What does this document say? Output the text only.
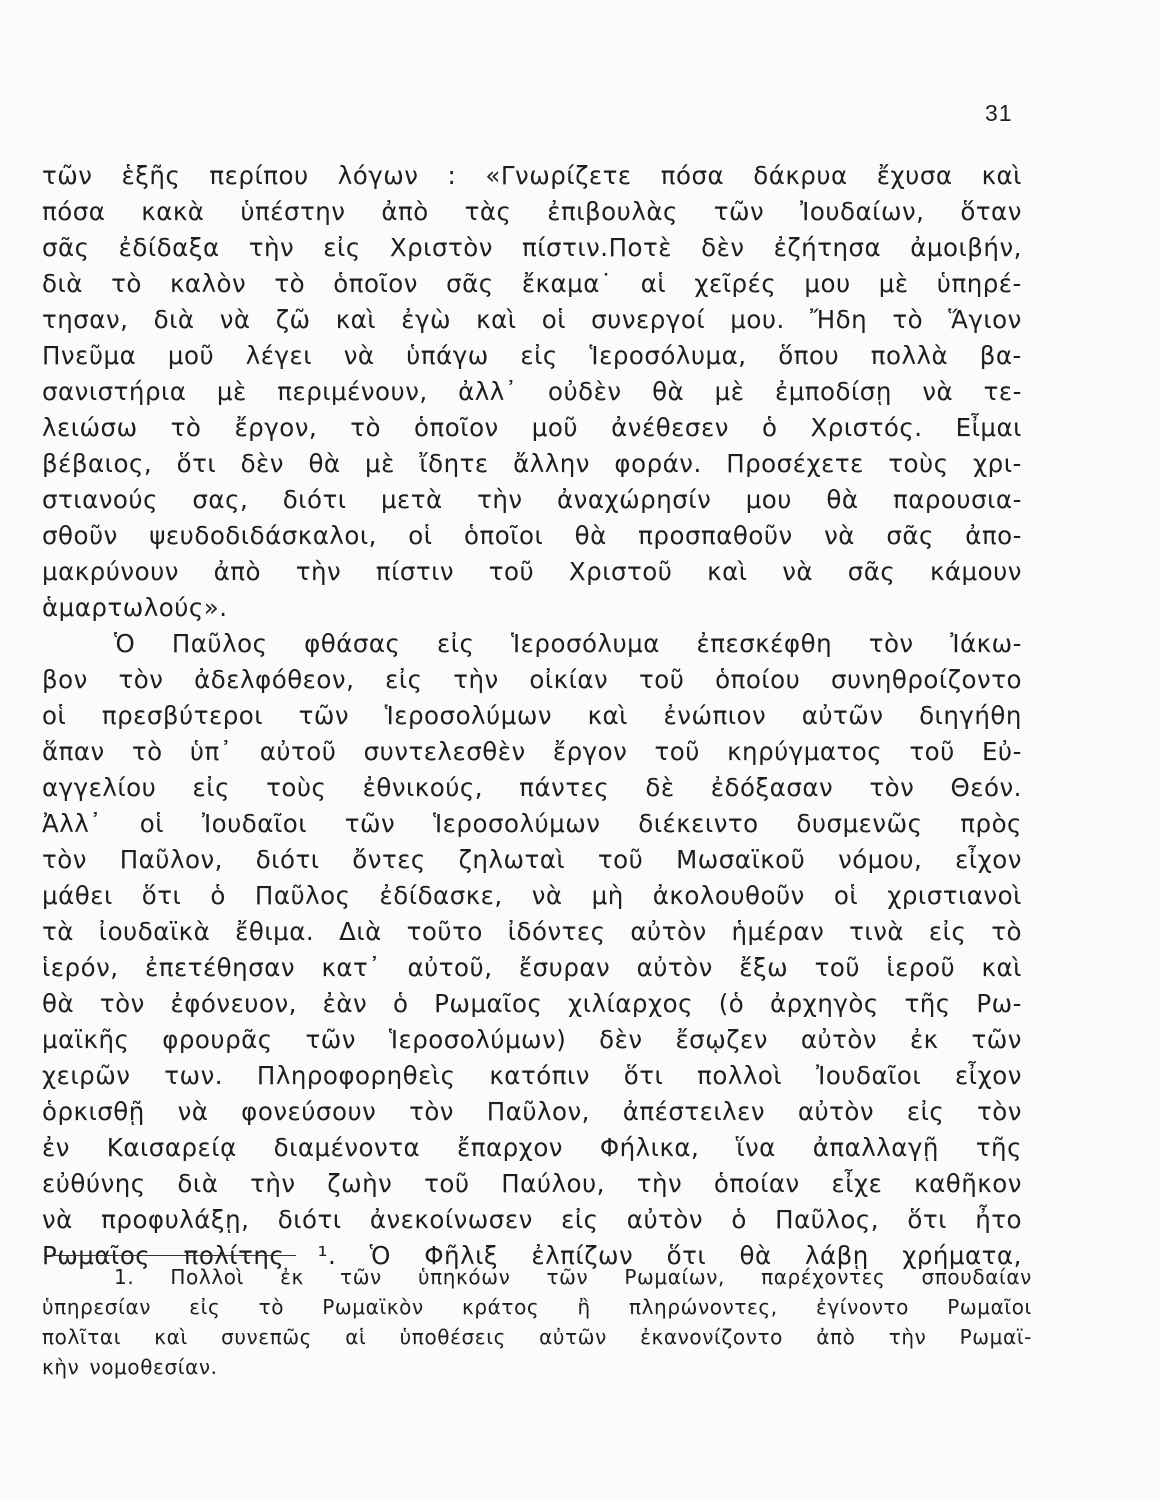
31
τῶν ἑξῆς περίπου λόγων : «Γνωρίζετε πόσα δάκρυα ἔχυσα καὶ
πόσα κακὰ ὑπέστην ἀπὸ τὰς ἐπιβουλὰς τῶν Ἰουδαίων, ὅταν
σᾶς ἐδίδαξα τὴν εἰς Χριστὸν πίστιν.Ποτὲ δὲν ἐζήτησα ἀμοιβήν,
διὰ τὸ καλὸν τὸ ὁποῖον σᾶς ἔκαμα˙ αἱ χεῖρές μου μὲ ὑπηρέ-
τησαν, διὰ νὰ ζῶ καὶ ἐγὼ καὶ οἱ συνεργοί μου. Ἤδη τὸ Ἅγιον
Πνεῦμα μοῦ λέγει νὰ ὑπάγω εἰς Ἱεροσόλυμα, ὅπου πολλὰ βα-
σανιστήρια μὲ περιμένουν, ἀλλ᾽ οὐδὲν θὰ μὲ ἐμποδίσῃ νὰ τε-
λειώσω τὸ ἔργον, τὸ ὁποῖον μοῦ ἀνέθεσεν ὁ Χριστός. Εἶμαι
βέβαιος, ὅτι δὲν θὰ μὲ ἴδητε ἄλλην φοράν. Προσέχετε τοὺς χρι-
στιανούς σας, διότι μετὰ τὴν ἀναχώρησίν μου θὰ παρουσια-
σθοῦν ψευδοδιδάσκαλοι, οἱ ὁποῖοι θὰ προσπαθοῦν νὰ σᾶς ἀπο-
μακρύνουν ἀπὸ τὴν πίστιν τοῦ Χριστοῦ καὶ νὰ σᾶς κάμουν
ἁμαρτωλούς».
Ὁ Παῦλος φθάσας εἰς Ἱεροσόλυμα ἐπεσκέφθη τὸν Ἰάκω-
βον τὸν ἀδελφόθεον, εἰς τὴν οἰκίαν τοῦ ὁποίου συνηθροίζοντο
οἱ πρεσβύτεροι τῶν Ἱεροσολύμων καὶ ἐνώπιον αὐτῶν διηγήθη
ἅπαν τὸ ὑπ᾽ αὐτοῦ συντελεσθὲν ἔργον τοῦ κηρύγματος τοῦ Εὐ-
αγγελίου εἰς τοὺς ἐθνικούς, πάντες δὲ ἐδόξασαν τὸν Θεόν.
Ἀλλ᾽ οἱ Ἰουδαῖοι τῶν Ἱεροσολύμων διέκειντο δυσμενῶς πρὸς
τὸν Παῦλον, διότι ὄντες ζηλωταὶ τοῦ Μωσαϊκοῦ νόμου, εἶχον
μάθει ὅτι ὁ Παῦλος ἐδίδασκε, νὰ μὴ ἀκολουθοῦν οἱ χριστιανοὶ
τὰ ἰουδαϊκὰ ἔθιμα. Διὰ τοῦτο ἰδόντες αὐτὸν ἡμέραν τινὰ εἰς τὸ
ἱερόν, ἐπετέθησαν κατ᾽ αὐτοῦ, ἔσυραν αὐτὸν ἔξω τοῦ ἱεροῦ καὶ
θὰ τὸν ἐφόνευον, ἐὰν ὁ Ρωμαῖος χιλίαρχος (ὁ ἀρχηγὸς τῆς Ρω-
μαϊκῆς φρουρᾶς τῶν Ἱεροσολύμων) δὲν ἔσῳζεν αὐτὸν ἐκ τῶν
χειρῶν των. Πληροφορηθεὶς κατόπιν ὅτι πολλοὶ Ἰουδαῖοι εἶχον
ὁρκισθῇ νὰ φονεύσουν τὸν Παῦλον, ἀπέστειλεν αὐτὸν εἰς τὸν
ἐν Καισαρείᾳ διαμένοντα ἔπαρχον Φήλικα, ἵνα ἀπαλλαγῇ τῆς
εὐθύνης διὰ τὴν ζωὴν τοῦ Παύλου, τὴν ὁποίαν εἶχε καθῆκον
νὰ προφυλάξῃ, διότι ἀνεκοίνωσεν εἰς αὐτὸν ὁ Παῦλος, ὅτι ἦτο
Ρωμαῖος πολίτης ¹. Ὁ Φῆλιξ ἐλπίζων ὅτι θὰ λάβῃ χρήματα,
1. Πολλοὶ ἐκ τῶν ὑπηκόων τῶν Ρωμαίων, παρέχοντες σπουδαίαν
ὑπηρεσίαν εἰς τὸ Ρωμαϊκὸν κράτος ἢ πληρώνοντες, ἐγίνοντο Ρωμαῖοι
πολῖται καὶ συνεπῶς αἱ ὑποθέσεις αὐτῶν ἐκανονίζοντο ἀπὸ τὴν Ρωμαϊ-
κὴν νομοθεσίαν.
